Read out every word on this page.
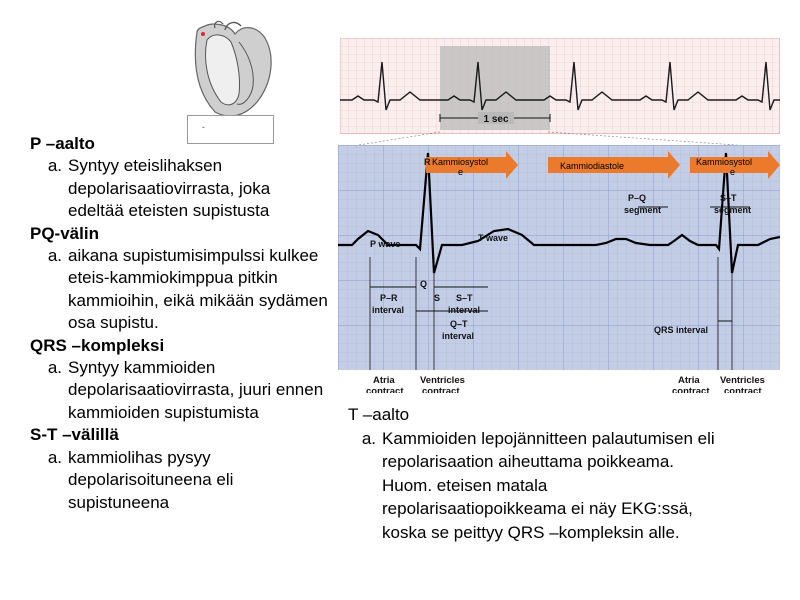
P –aalto

a. Syntyy eteislihaksen depolarisaatiovirrasta, joka edeltää eteisten supistusta

PQ-välin

a. aikana supistumisimpulssi kulkee eteis-kammiokimppua pitkin kammioihin, eikä mikään sydämen osa supistu.

QRS –kompleksi

a. Syntyy kammioiden depolarisaatiovirrasta, juuri ennen kammioiden supistumista

S-T –välillä

a. kammiolihas pysyy depolarisoituneena eli supistuneena

T –aalto

a. Kammioiden lepojännitteen palautumisen eli repolarisaation aiheuttama poikkeama.
Huom. eteisen matala repolarisaatiopoikkeama ei näy EKG:ssä, koska se peittyy QRS –kompleksin alle.
-
1 sec
Kammiosystol
e
Kammiodiastole	Kammiosystol
e
P wave
T wave
P–Q
segment
S–T
segment
R
Q
S
P–R
interval
S–T
interval
Q–T
interval
QRS interval
Atria
contract
Ventricles
contract
Atria
contract
Ventricles
contract
